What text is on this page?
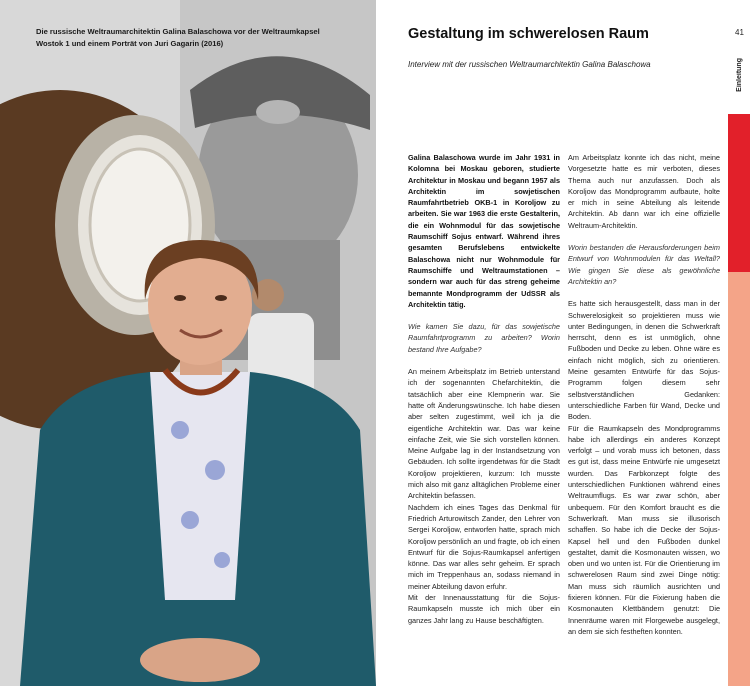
Die russische Weltraumarchitektin Galina Balaschowa vor der Weltraumkapsel Wostok 1 und einem Porträt von Juri Gagarin (2016)
Gestaltung im schwerelosen Raum
Interview mit der russischen Weltraumarchitektin Galina Balaschowa

Galina Balaschowa wurde im Jahr 1931 in Kolomna bei Moskau geboren, studierte Architektur in Moskau und begann 1957 als Architektin im sowjetischen Raumfahrtbetrieb OKB-1 in Koroljow zu arbeiten. Sie war 1963 die erste Gestalterin, die ein Wohnmodul für das sowjetische Raumschiff Sojus entwarf. Während ihres gesamten Berufslebens entwickelte Balaschowa nicht nur Wohnmodule für Raumschiffe und Weltraumstationen – sondern war auch für das streng geheime bemannte Mondprogramm der UdSSR als Architektin tätig.

Wie kamen Sie dazu, für das sowjetische Raumfahrtprogramm zu arbeiten? Worin bestand Ihre Aufgabe?

An meinem Arbeitsplatz im Betrieb unterstand ich der sogenannten Chefarchitektin, die tatsächlich aber eine Klempnerin war. Sie hatte oft Änderungswünsche. Ich habe diesen aber selten zugestimmt, weil ich ja die eigentliche Architektin war. Das war keine einfache Zeit, wie Sie sich vorstellen können. Meine Aufgabe lag in der Instandsetzung von Gebäuden. Ich sollte irgendetwas für die Stadt Koroljow projektieren, kurzum: Ich musste mich also mit ganz alltäglichen Probleme einer Architektin befassen.

Nachdem ich eines Tages das Denkmal für Friedrich Arturowitsch Zander, den Lehrer von Sergei Koroljow, entworfen hatte, sprach mich Koroljow persönlich an und fragte, ob ich einen Entwurf für die Sojus-Raumkapsel anfertigen könne. Das war alles sehr geheim. Er sprach mich im Treppenhaus an, sodass niemand in meiner Abteilung davon erfuhr.

Mit der Innenausstattung für die Sojus-Raumkapseln musste ich mich über ein ganzes Jahr lang zu Hause beschäftigten.

Am Arbeitsplatz konnte ich das nicht, meine Vorgesetzte hatte es mir verboten, dieses Thema auch nur anzufassen. Doch als Koroljow das Mondprogramm aufbaute, holte er mich in seine Abteilung als leitende Architektin. Ab dann war ich eine offizielle Weltraum-Architektin.

Worin bestanden die Herausforderungen beim Entwurf von Wohnmodulen für das Weltall? Wie gingen Sie diese als gewöhnliche Architektin an?

Es hatte sich herausgestellt, dass man in der Schwerelosigkeit so projektieren muss wie unter Bedingungen, in denen die Schwerkraft herrscht, denn es ist unmöglich, ohne Fußboden und Decke zu leben. Ohne wäre es einfach nicht möglich, sich zu orientieren. Meine gesamten Entwürfe für das Sojus-Programm folgen diesem sehr selbstverständlichen Gedanken: unterschiedliche Farben für Wand, Decke und Boden.

Für die Raumkapseln des Mondprogramms habe ich allerdings ein anderes Konzept verfolgt – und vorab muss ich betonen, dass es gut ist, dass meine Entwürfe nie umgesetzt wurden. Das Farbkonzept folgte des unterschiedlichen Funktionen während eines Weltraumflugs. Es war zwar schön, aber unbequem. Für den Komfort braucht es die Schwerkraft. Man muss sie illusorisch schaffen. So habe ich die Decke der Sojus-Kapsel hell und den Fußboden dunkel gestaltet, damit die Kosmonauten wissen, wo oben und wo unten ist. Für die Orientierung im schwerelosen Raum sind zwei Dinge nötig: Man muss sich räumlich ausrichten und fixieren können. Für die Fixierung haben die Kosmonauten Klettbändern genutzt: Die Innenräume waren mit Florgewebe ausgelegt, an dem sie sich festheften konnten.

41
Einleitung
